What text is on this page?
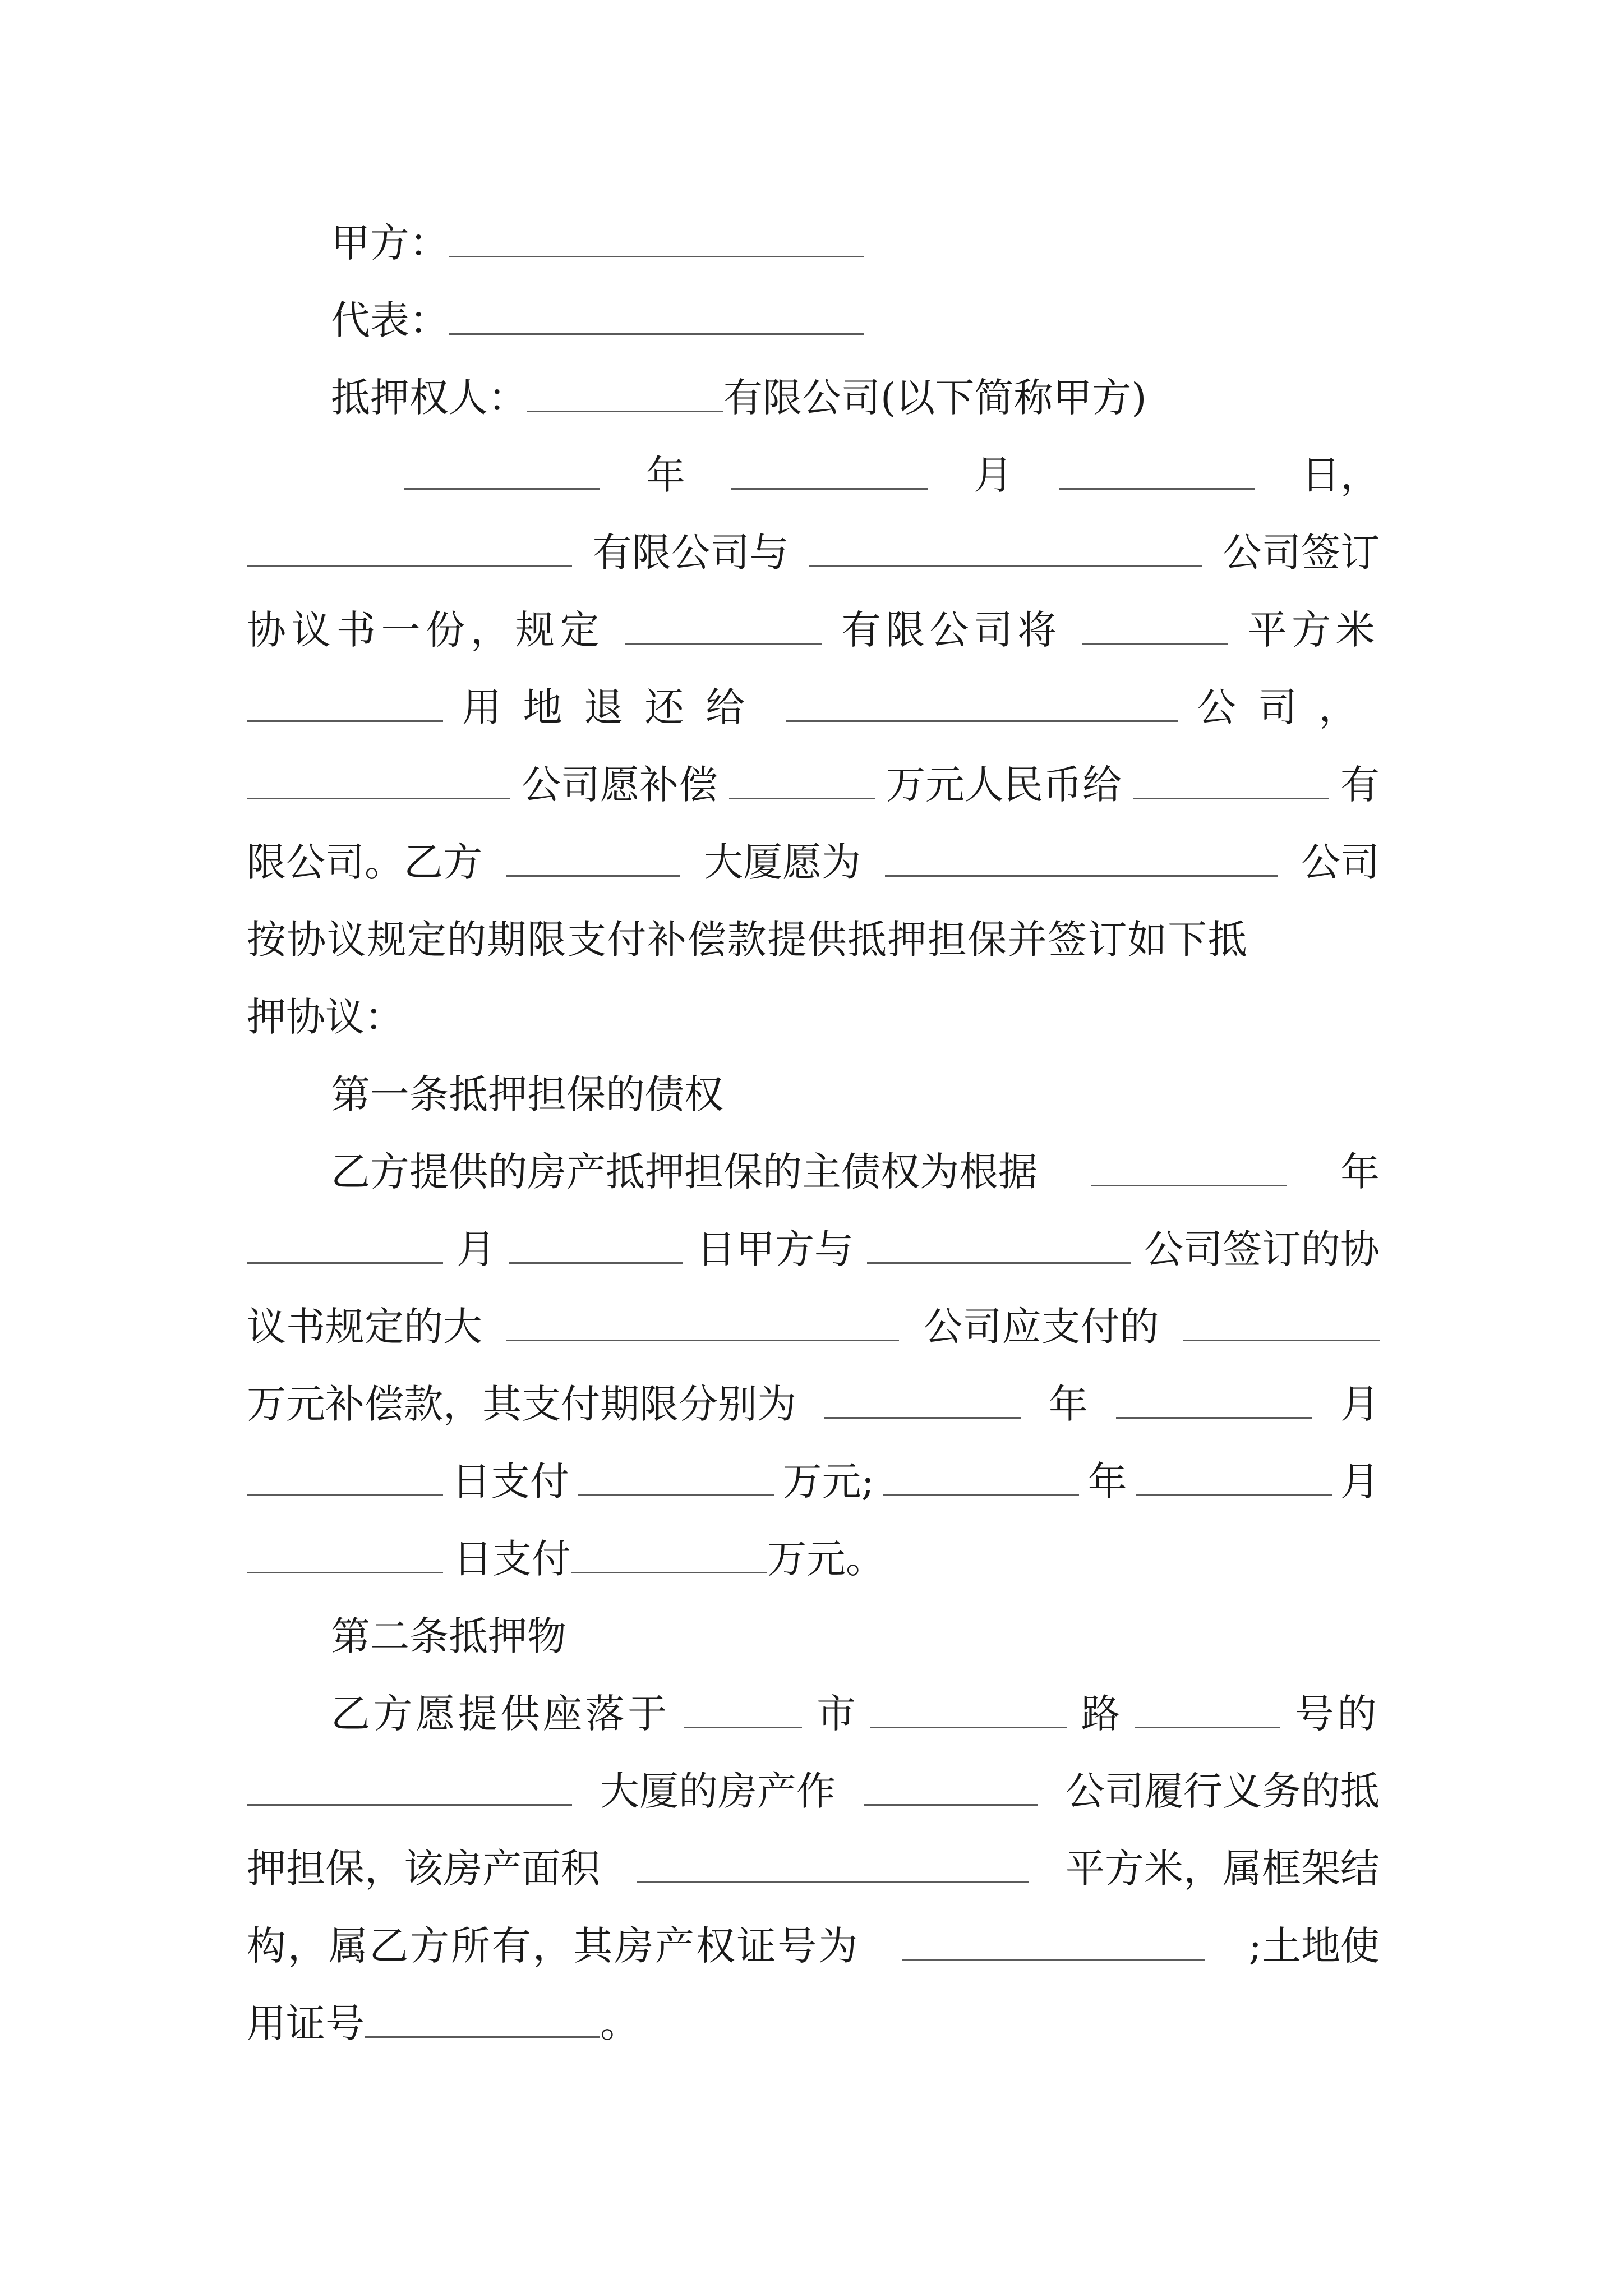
甲方：
代表：
抵押权人：	有限公司(以下简称甲方)
年	月	日，
有限公司与	公司签订
协议书一份，规定	有限公司将	平方米
用地退还给	公司，
公司愿补偿	万元人民币给	有
限公司。乙方	大厦愿为	公司
按协议规定的期限支付补偿款提供抵押担保并签订如下抵
押协议：
第一条抵押担保的债权
乙方提供的房产抵押担保的主债权为根据	年
月	日甲方与	公司签订的协
议书规定的大	公司应支付的
万元补偿款，其支付期限分别为	年	月
日支付	万元;	年	月
日支付	万元。
第二条抵押物
乙方愿提供座落于	市	路	号的
大厦的房产作	公司履行义务的抵
押担保，该房产面积	平方米，属框架结
构，属乙方所有，其房产权证号为	;土地使
用证号	。
